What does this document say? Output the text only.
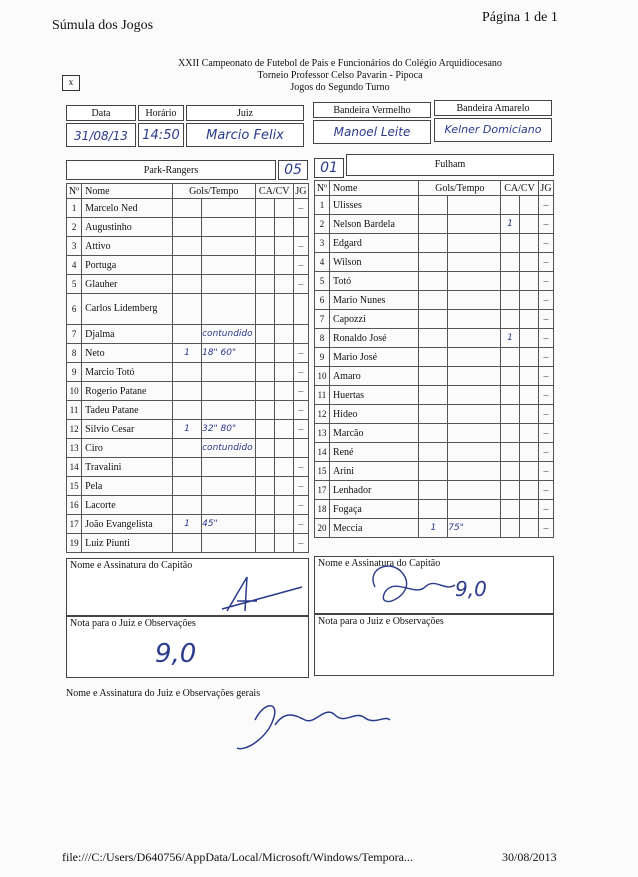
Súmula dos Jogos
Página 1 de 1
XXII Campeonato de Futebol de Pais e Funcionários do Colégio Arquidiocesano
Torneio Professor Celso Pavarin - Pipoca
Jogos do Segundo Turno
x
Data	Horário	Juiz	Bandeira Vermelho	Bandeira Amarelo
31/08/13	14:50	Marcio Felix	Manoel Leite	Kelner Domiciano
Park-Rangers	05	01	Fulham
Nº	Nome	Gols/Tempo		CA/CV		JG
1	Marcelo Ned					–
2	Augustinho					
3	Attivo					–
4	Portuga					–
5	Glauher					–
6	Carlos Lidemberg					
7	Djalma		contundido			
8	Neto	1	18" 60"			–
9	Marcio Totó					–
10	Rogerio Patane					–
11	Tadeu Patane					–
12	Silvio Cesar	1	32" 80"			–
13	Ciro		contundido			
14	Travalini					–
15	Pela					–
16	Lacorte					–
17	João Evangelista	1	45"			–
19	Luiz Piunti					–
Nº	Nome	Gols/Tempo		CA/CV		JG
1	Ulisses					–
2	Nelson Bardela			1		–
3	Edgard					–
4	Wilson					–
5	Totó					–
6	Mario Nunes					–
7	Capozzi					–
8	Ronaldo José			1		–
9	Mario José					–
10	Amaro					–
11	Huertas					–
12	Hideo					–
13	Marcão					–
14	René					–
15	Arini					–
17	Lenhador					–
18	Fogaça					–
20	Meccia	1	75"			–
Nome e Assinatura do Capitão	Nome e Assinatura do Capitão
9,0
Nota para o Juiz e Observações
9,0
Nota para o Juiz e Observações
Nome e Assinatura do Juiz e Observações gerais
file:///C:/Users/D640756/AppData/Local/Microsoft/Windows/Tempora...	30/08/2013
